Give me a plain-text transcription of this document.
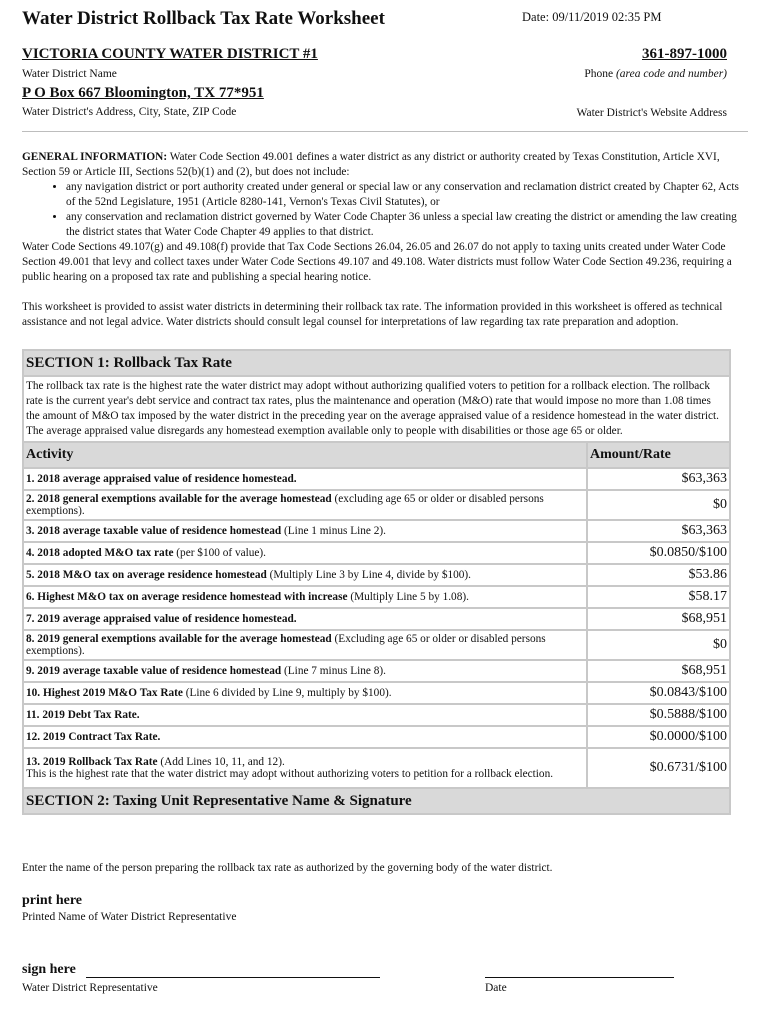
Water District Rollback Tax Rate Worksheet	Date: 09/11/2019 02:35 PM
VICTORIA COUNTY WATER DISTRICT #1	361-897-1000
Water District Name	Phone (area code and number)
P O Box 667 Bloomington, TX 77*951
Water District's Address, City, State, ZIP Code	Water District's Website Address

GENERAL INFORMATION: Water Code Section 49.001 defines a water district as any district or authority created by Texas Constitution, Article XVI, Section 59 or Article III, Sections 52(b)(1) and (2), but does not include:

• any navigation district or port authority created under general or special law or any conservation and reclamation district created by Chapter 62, Acts of the 52nd Legislature, 1951 (Article 8280-141, Vernon's Texas Civil Statutes), or
• any conservation and reclamation district governed by Water Code Chapter 36 unless a special law creating the district or amending the law creating the district states that Water Code Chapter 49 applies to that district.

Water Code Sections 49.107(g) and 49.108(f) provide that Tax Code Sections 26.04, 26.05 and 26.07 do not apply to taxing units created under Water Code Section 49.001 that levy and collect taxes under Water Code Sections 49.107 and 49.108. Water districts must follow Water Code Section 49.236, requiring a public hearing on a proposed tax rate and publishing a special hearing notice.

This worksheet is provided to assist water districts in determining their rollback tax rate. The information provided in this worksheet is offered as technical assistance and not legal advice. Water districts should consult legal counsel for interpretations of law regarding tax rate preparation and adoption.

SECTION 1: Rollback Tax Rate	
The rollback tax rate is the highest rate the water district may adopt without authorizing qualified voters to petition for a rollback election. The rollback rate is the current year's debt service and contract tax rates, plus the maintenance and operation (M&O) rate that would impose no more than 1.08 times the amount of M&O tax imposed by the water district in the preceding year on the average appraised value of a residence homestead in the water district. The average appraised value disregards any homestead exemption available only to people with disabilities or those age 65 or older.	
Activity	Amount/Rate
1. 2018 average appraised value of residence homestead.	$63,363
2. 2018 general exemptions available for the average homestead (excluding age 65 or older or disabled persons exemptions).	$0
3. 2018 average taxable value of residence homestead (Line 1 minus Line 2).	$63,363
4. 2018 adopted M&O tax rate (per $100 of value).	$0.0850/$100
5. 2018 M&O tax on average residence homestead (Multiply Line 3 by Line 4, divide by $100).	$53.86
6. Highest M&O tax on average residence homestead with increase (Multiply Line 5 by 1.08).	$58.17
7. 2019 average appraised value of residence homestead.	$68,951
8. 2019 general exemptions available for the average homestead (Excluding age 65 or older or disabled persons exemptions).	$0
9. 2019 average taxable value of residence homestead (Line 7 minus Line 8).	$68,951
10. Highest 2019 M&O Tax Rate (Line 6 divided by Line 9, multiply by $100).	$0.0843/$100
11. 2019 Debt Tax Rate.	$0.5888/$100
12. 2019 Contract Tax Rate.	$0.0000/$100
13. 2019 Rollback Tax Rate (Add Lines 10, 11, and 12).
This is the highest rate that the water district may adopt without authorizing voters to petition for a rollback election.	$0.6731/$100
SECTION 2: Taxing Unit Representative Name & Signature	
Enter the name of the person preparing the rollback tax rate as authorized by the governing body of the water district.
print here
Printed Name of Water District Representative
sign here
Water District Representative	Date
